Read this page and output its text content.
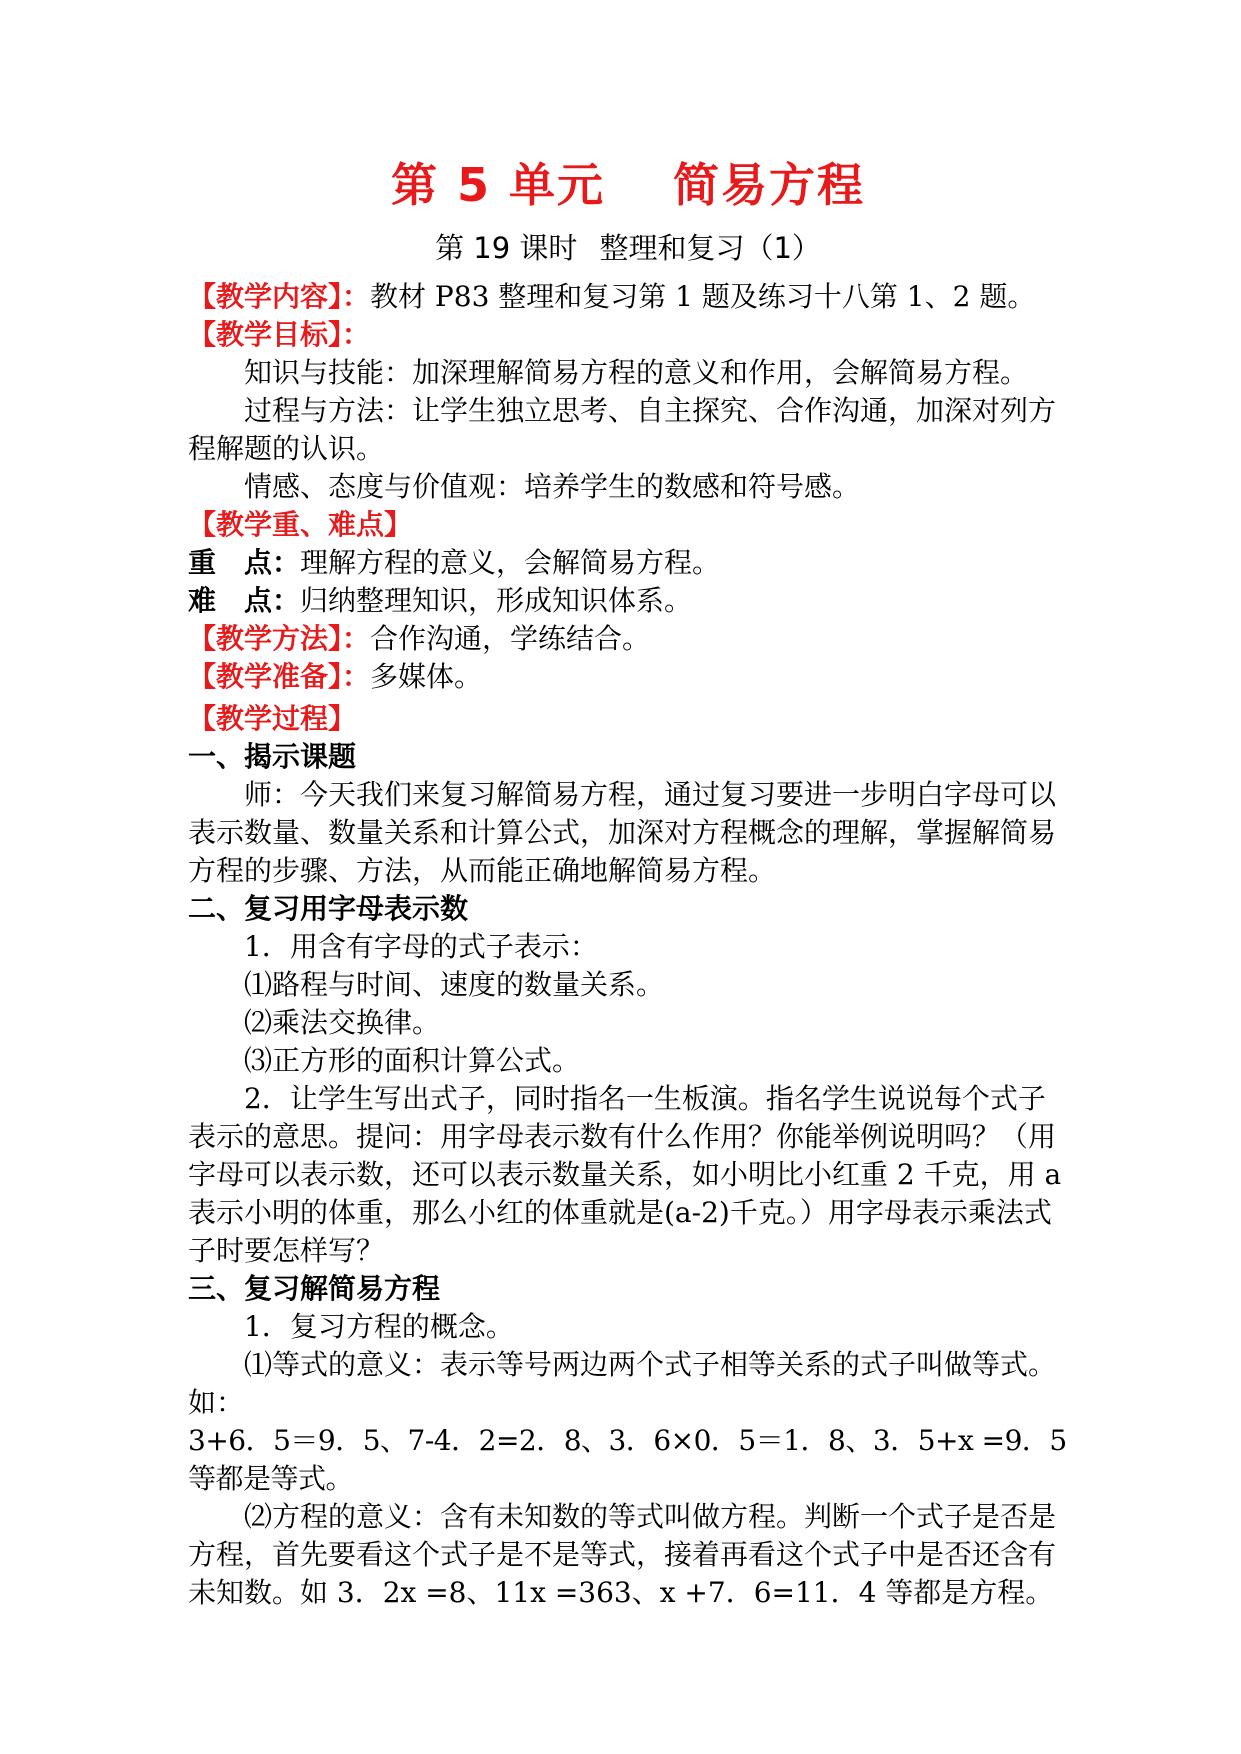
第 5 单元 简易方程
第 19 课时 整理和复习（1）

【教学内容】：教材 P83 整理和复习第 1 题及练习十八第 1、2 题。

【教学目标】：

知识与技能：加深理解简易方程的意义和作用，会解简易方程。

过程与方法：让学生独立思考、自主探究、合作沟通，加深对列方程解题的认识。

情感、态度与价值观：培养学生的数感和符号感。

【教学重、难点】

重　点：理解方程的意义，会解简易方程。

难　点：归纳整理知识，形成知识体系。

【教学方法】：合作沟通，学练结合。

【教学准备】：多媒体。

【教学过程】

一、揭示课题

师：今天我们来复习解简易方程，通过复习要进一步明白字母可以表示数量、数量关系和计算公式，加深对方程概念的理解，掌握解简易方程的步骤、方法，从而能正确地解简易方程。

二、复习用字母表示数

1．用含有字母的式子表示：

⑴路程与时间、速度的数量关系。

⑵乘法交换律。

⑶正方形的面积计算公式。

2．让学生写出式子，同时指名一生板演。指名学生说说每个式子表示的意思。提问：用字母表示数有什么作用？你能举例说明吗？（用字母可以表示数，还可以表示数量关系，如小明比小红重 2 千克，用 a 表示小明的体重，那么小红的体重就是(a-2)千克。）用字母表示乘法式子时要怎样写？

三、复习解简易方程

1．复习方程的概念。

⑴等式的意义：表示等号两边两个式子相等关系的式子叫做等式。如：

3+6．5＝9．5、7-4．2=2．8、3．6×0．5＝1．8、3．5+x =9．5 等都是等式。

⑵方程的意义：含有未知数的等式叫做方程。判断一个式子是否是方程，首先要看这个式子是不是等式，接着再看这个式子中是否还含有未知数。如 3．2x =8、11x =363、x +7．6=11．4 等都是方程。
